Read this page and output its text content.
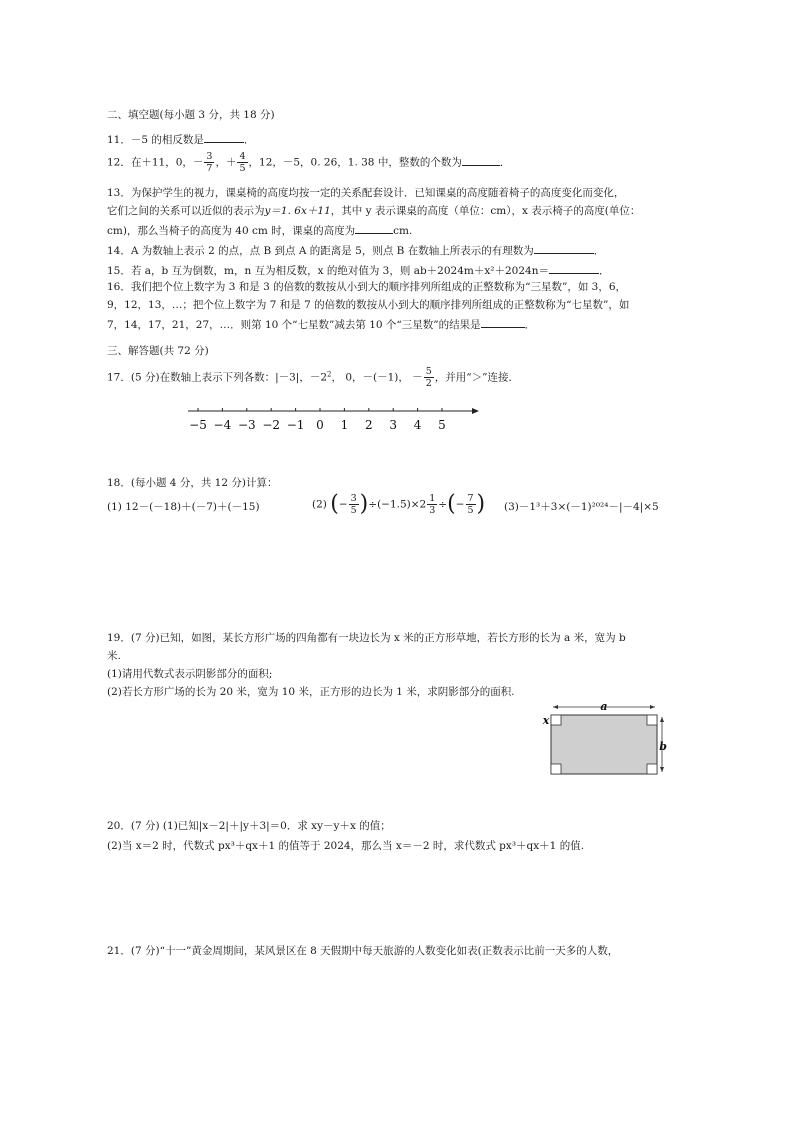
二、填空题(每小题 3 分，共 18 分)
11．－5 的相反数是	．
12．在＋11，0，－ $\frac{3}{7}$ ，＋ $\frac{4}{5}$ ，12，－5，0. 26，1. 38 中，整数的个数为	．
13．为保护学生的视力，课桌椅的高度均按一定的关系配套设计．已知课桌的高度随着椅子的高度变化而变化，
它们之间的关系可以近似的表示为y＝1. 6x＋11，其中 y 表示课桌的高度（单位：cm），x 表示椅子的高度(单位：
cm)，那么当椅子的高度为 40 cm 时，课桌的高度为	cm.
14．A 为数轴上表示 2 的点，点 B 到点 A 的距离是 5，则点 B 在数轴上所表示的有理数为	．
15．若 a，b 互为倒数，m，n 互为相反数，x 的绝对值为 3，则 ab＋2024m＋x²＋2024n＝	．
16．我们把个位上数字为 3 和是 3 的倍数的数按从小到大的顺序排列所组成的正整数称为“三星数”，如 3，6，
9，12，13，…；把个位上数字为 7 和是 7 的倍数的数按从小到大的顺序排列所组成的正整数称为“七星数”，如
7，14，17，21，27，…．则第 10 个“七星数”减去第 10 个“三星数”的结果是	．
三、解答题(共 72 分)
17．(5 分)在数轴上表示下列各数：|－3|，$-2^2$， 0，－(－1)， － $\frac{5}{2}$ ，并用“＞”连接．
−5 −4 −3 −2 −1 0 1 2 3 4 5
18．(每小题 4 分，共 12 分)计算：
(1) 12－(－18)＋(－7)＋(－15)	(2) (− $\frac{3}{5} )\div(-1.5)\times 2 \frac{1}{3}$ ÷(− $\frac{7}{5}$ ) (3)－1³＋3×(－1)²⁰²⁴－|－4|×5
19．(7 分)已知，如图，某长方形广场的四角都有一块边长为 x 米的正方形草地，若长方形的长为 a 米，宽为 b
米.
(1)请用代数式表示阴影部分的面积;
(2)若长方形广场的长为 20 米，宽为 10 米，正方形的边长为 1 米，求阴影部分的面积.
a
b
x
20．(7 分) (1)已知|x－2|＋|y＋3|＝0．求 xy－y＋x 的值；
(2)当 x＝2 时，代数式 px³＋qx＋1 的值等于 2024，那么当 x＝－2 时，求代数式 px³＋qx＋1 的值.
21．(7 分)“十一”黄金周期间，某风景区在 8 天假期中每天旅游的人数变化如表(正数表示比前一天多的人数，
